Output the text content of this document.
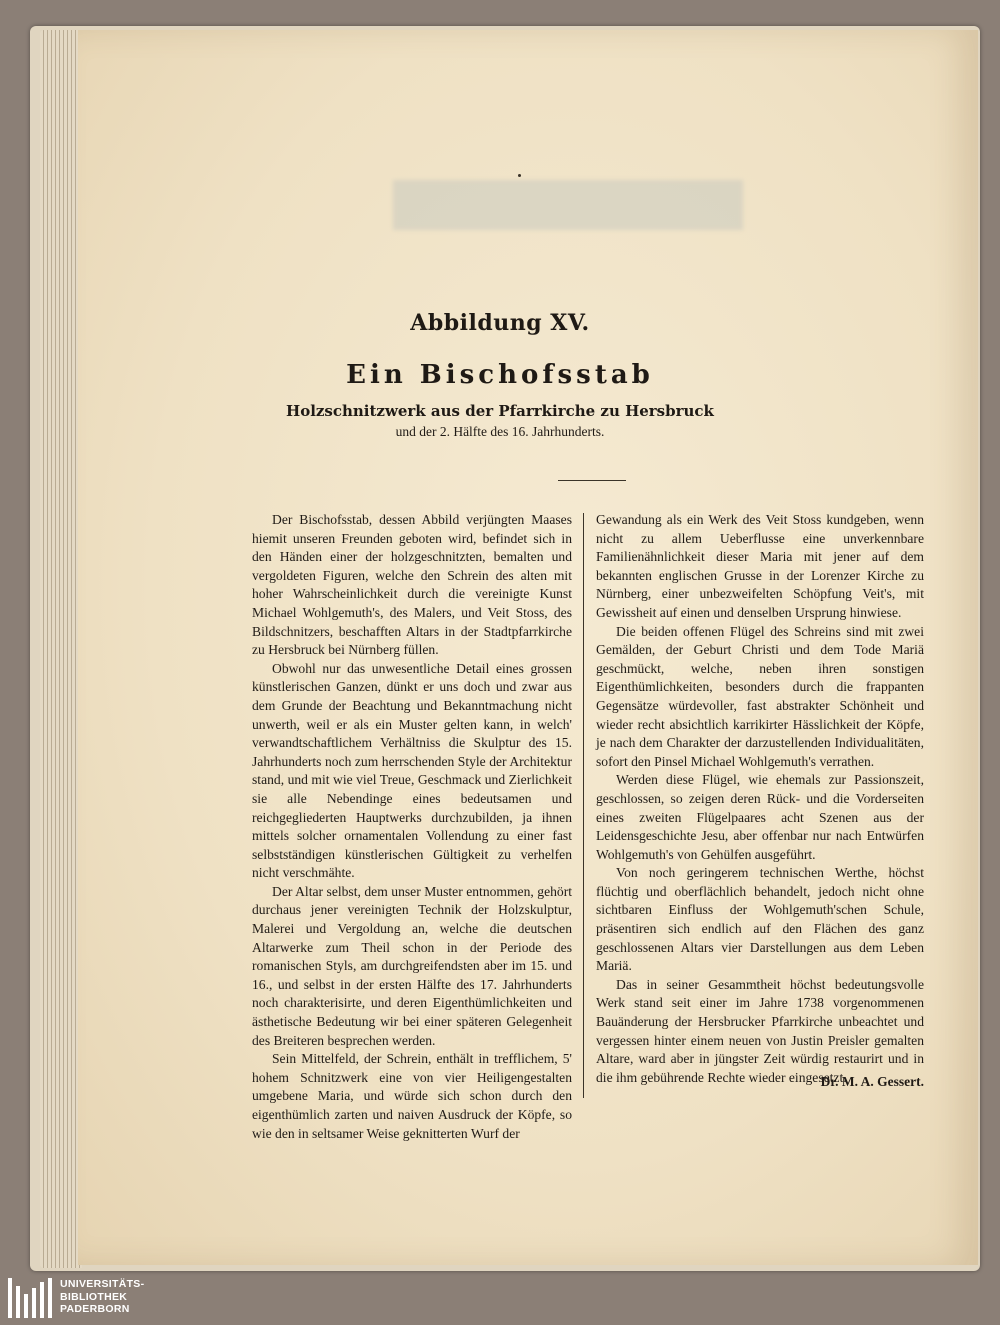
Abbildung XV.
Ein Bischofsstab
Holzschnitzwerk aus der Pfarrkirche zu Hersbruck
und der 2. Hälfte des 16. Jahrhunderts.

Der Bischofsstab, dessen Abbild verjüngten Maases hiemit unseren Freunden geboten wird, befindet sich in den Händen einer der holzgeschnitzten, bemalten und vergoldeten Figuren, welche den Schrein des alten mit hoher Wahrscheinlichkeit durch die vereinigte Kunst Michael Wohlgemuth's, des Malers, und Veit Stoss, des Bildschnitzers, beschafften Altars in der Stadtpfarrkirche zu Hersbruck bei Nürnberg füllen.

Obwohl nur das unwesentliche Detail eines grossen künstlerischen Ganzen, dünkt er uns doch und zwar aus dem Grunde der Beachtung und Bekanntmachung nicht unwerth, weil er als ein Muster gelten kann, in welch' verwandtschaftlichem Verhältniss die Skulptur des 15. Jahrhunderts noch zum herrschenden Style der Architektur stand, und mit wie viel Treue, Geschmack und Zierlichkeit sie alle Nebendinge eines bedeutsamen und reichgegliederten Hauptwerks durchzubilden, ja ihnen mittels solcher ornamentalen Vollendung zu einer fast selbstständigen künstlerischen Gültigkeit zu verhelfen nicht verschmähte.

Der Altar selbst, dem unser Muster entnommen, gehört durchaus jener vereinigten Technik der Holzskulptur, Malerei und Vergoldung an, welche die deutschen Altarwerke zum Theil schon in der Periode des romanischen Styls, am durchgreifendsten aber im 15. und 16., und selbst in der ersten Hälfte des 17. Jahrhunderts noch charakterisirte, und deren Eigenthümlichkeiten und ästhetische Bedeutung wir bei einer späteren Gelegenheit des Breiteren besprechen werden.

Sein Mittelfeld, der Schrein, enthält in trefflichem, 5' hohem Schnitzwerk eine von vier Heiligengestalten umgebene Maria, und würde sich schon durch den eigenthümlich zarten und naiven Ausdruck der Köpfe, so wie den in seltsamer Weise geknitterten Wurf der

Gewandung als ein Werk des Veit Stoss kundgeben, wenn nicht zu allem Ueberflusse eine unverkennbare Familienähnlichkeit dieser Maria mit jener auf dem bekannten englischen Grusse in der Lorenzer Kirche zu Nürnberg, einer unbezweifelten Schöpfung Veit's, mit Gewissheit auf einen und denselben Ursprung hinwiese.

Die beiden offenen Flügel des Schreins sind mit zwei Gemälden, der Geburt Christi und dem Tode Mariä geschmückt, welche, neben ihren sonstigen Eigenthümlichkeiten, besonders durch die frappanten Gegensätze würdevoller, fast abstrakter Schönheit und wieder recht absichtlich karrikirter Hässlichkeit der Köpfe, je nach dem Charakter der darzustellenden Individualitäten, sofort den Pinsel Michael Wohlgemuth's verrathen.

Werden diese Flügel, wie ehemals zur Passionszeit, geschlossen, so zeigen deren Rück- und die Vorderseiten eines zweiten Flügelpaares acht Szenen aus der Leidensgeschichte Jesu, aber offenbar nur nach Entwürfen Wohlgemuth's von Gehülfen ausgeführt.

Von noch geringerem technischen Werthe, höchst flüchtig und oberflächlich behandelt, jedoch nicht ohne sichtbaren Einfluss der Wohlgemuth'schen Schule, präsentiren sich endlich auf den Flächen des ganz geschlossenen Altars vier Darstellungen aus dem Leben Mariä.

Das in seiner Gesammtheit höchst bedeutungsvolle Werk stand seit einer im Jahre 1738 vorgenommenen Bauänderung der Hersbrucker Pfarrkirche unbeachtet und vergessen hinter einem neuen von Justin Preisler gemalten Altare, ward aber in jüngster Zeit würdig restaurirt und in die ihm gebührende Rechte wieder eingesetzt.

Dr. M. A. Gessert.
UNIVERSITÄTS-
BIBLIOTHEK
PADERBORN
